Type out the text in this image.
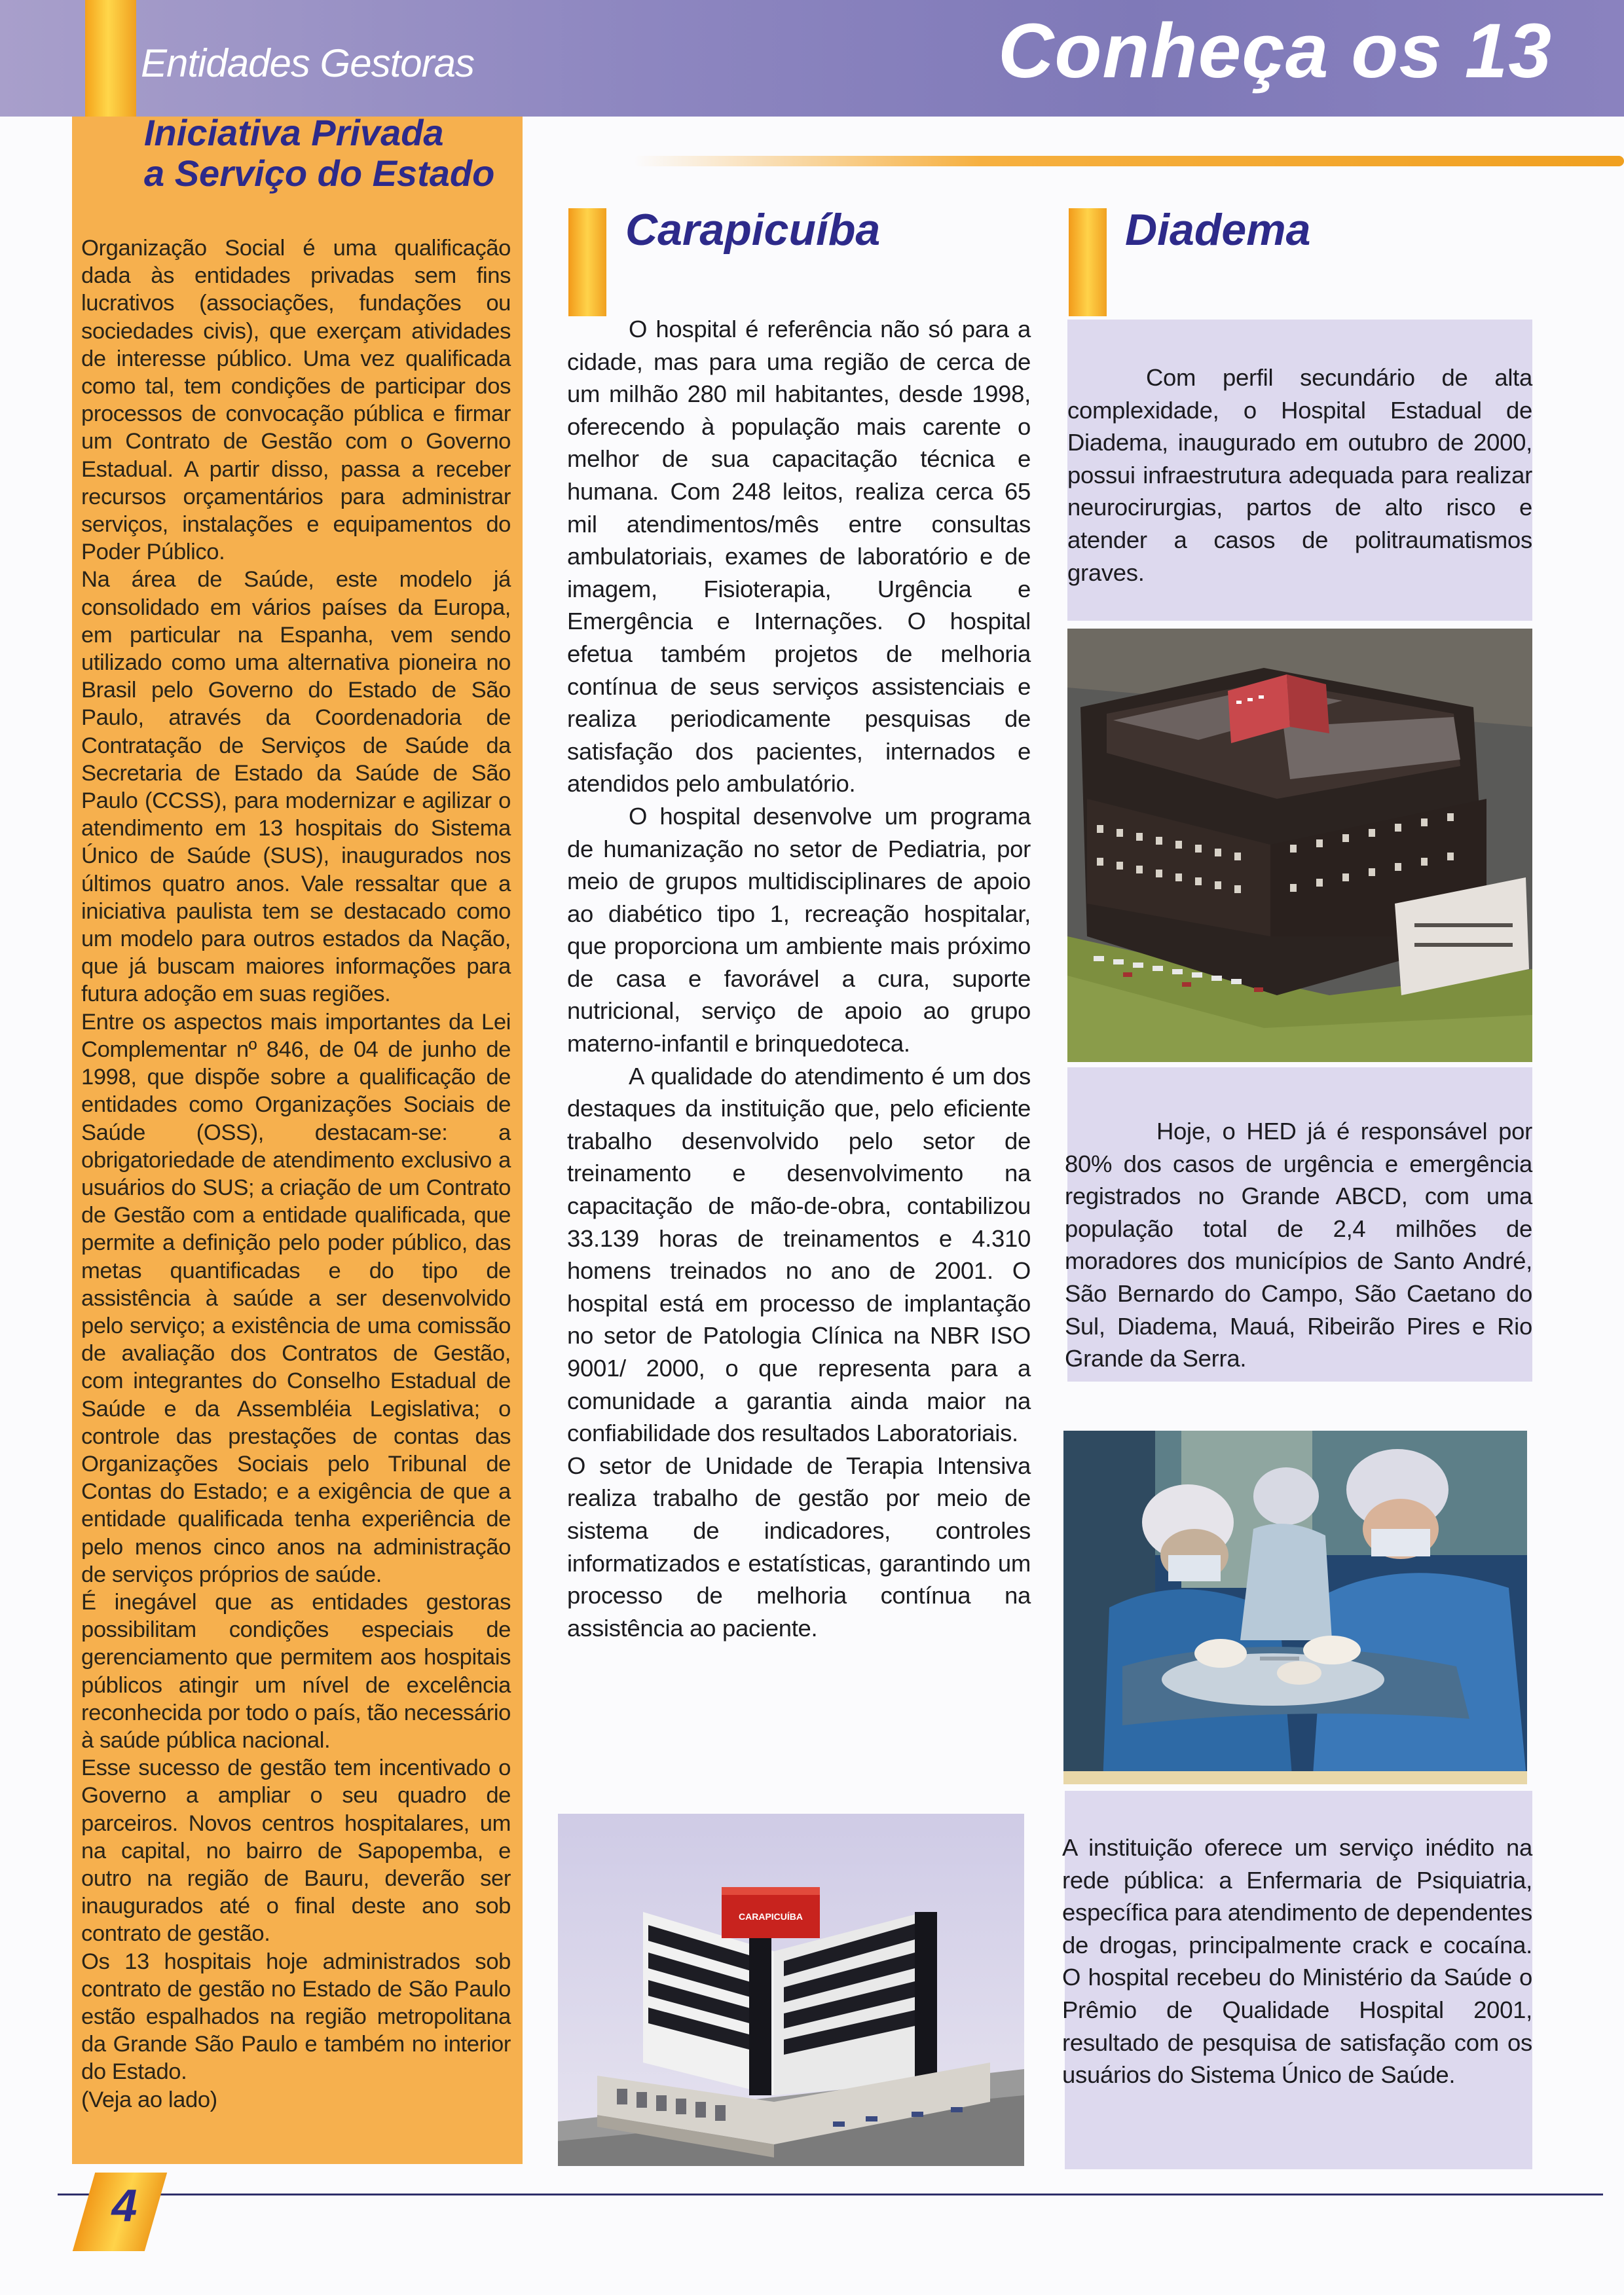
Entidades Gestoras	Conheça os 13
Iniciativa Privada
a Serviço do Estado

Organização Social é uma qualificação dada às entidades privadas sem fins lucrativos (associações, fundações ou sociedades civis), que exerçam atividades de interesse público. Uma vez qualificada como tal, tem condições de participar dos processos de convocação pública e firmar um Contrato de Gestão com o Governo Estadual. A partir disso, passa a receber recursos orçamentários para administrar serviços, instalações e equipamentos do Poder Público.

Na área de Saúde, este modelo já consolidado em vários países da Europa, em particular na Espanha, vem sendo utilizado como uma alternativa pioneira no Brasil pelo Governo do Estado de São Paulo, através da Coordenadoria de Contratação de Serviços de Saúde da Secretaria de Estado da Saúde de São Paulo (CCSS), para modernizar e agilizar o atendimento em 13 hospitais do Sistema Único de Saúde (SUS), inaugurados nos últimos quatro anos. Vale ressaltar que a iniciativa paulista tem se destacado como um modelo para outros estados da Nação, que já buscam maiores informações para futura adoção em suas regiões.

Entre os aspectos mais importantes da Lei Complementar nº 846, de 04 de junho de 1998, que dispõe sobre a qualificação de entidades como Organizações Sociais de Saúde (OSS), destacam-se: a obrigatoriedade de atendimento exclusivo a usuários do SUS; a criação de um Contrato de Gestão com a entidade qualificada, que permite a definição pelo poder público, das metas quantificadas e do tipo de assistência à saúde a ser desenvolvido pelo serviço; a existência de uma comissão de avaliação dos Contratos de Gestão, com integrantes do Conselho Estadual de Saúde e da Assembléia Legislativa; o controle das prestações de contas das Organizações Sociais pelo Tribunal de Contas do Estado; e a exigência de que a entidade qualificada tenha experiência de pelo menos cinco anos na administração de serviços próprios de saúde.

É inegável que as entidades gestoras possibilitam condições especiais de gerenciamento que permitem aos hospitais públicos atingir um nível de excelência reconhecida por todo o país, tão necessário à saúde pública nacional.

Esse sucesso de gestão tem incentivado o Governo a ampliar o seu quadro de parceiros. Novos centros hospitalares, um na capital, no bairro de Sapopemba, e outro na região de Bauru, deverão ser inaugurados até o final deste ano sob contrato de gestão.

Os 13 hospitais hoje administrados sob contrato de gestão no Estado de São Paulo estão espalhados na região metropolitana da Grande São Paulo e também no interior do Estado.

(Veja ao lado)

Carapicuíba

O hospital é referência não só para a cidade, mas para uma região de cerca de um milhão 280 mil habitantes, desde 1998, oferecendo à população mais carente o melhor de sua capacitação técnica e humana. Com 248 leitos, realiza cerca 65 mil atendimentos/mês entre consultas ambulatoriais, exames de laboratório e de imagem, Fisioterapia, Urgência e Emergência e Internações. O hospital efetua também projetos de melhoria contínua de seus serviços assistenciais e realiza periodicamente pesquisas de satisfação dos pacientes, internados e atendidos pelo ambulatório.

O hospital desenvolve um programa de humanização no setor de Pediatria, por meio de grupos multidisciplinares de apoio ao diabético tipo 1, recreação hospitalar, que proporciona um ambiente mais próximo de casa e favorável a cura, suporte nutricional, serviço de apoio ao grupo materno-infantil e brinquedoteca.

A qualidade do atendimento é um dos destaques da instituição que, pelo eficiente trabalho desenvolvido pelo setor de treinamento e desenvolvimento na capacitação de mão-de-obra, contabilizou 33.139 horas de treinamentos e 4.310 homens treinados no ano de 2001. O hospital está em processo de implantação no setor de Patologia Clínica na NBR ISO 9001/ 2000, o que representa para a comunidade a garantia ainda maior na confiabilidade dos resultados Laboratoriais.

O setor de Unidade de Terapia Intensiva realiza trabalho de gestão por meio de sistema de indicadores, controles informatizados e estatísticas, garantindo um processo de melhoria contínua na assistência ao paciente.

CARAPICUÍBA
Diadema

Com perfil secundário de alta complexidade, o Hospital Estadual de Diadema, inaugurado em outubro de 2000, possui infraestrutura adequada para realizar neurocirurgias, partos de alto risco e atender a casos de politraumatismos graves.

Hoje, o HED já é responsável por 80% dos casos de urgência e emergência registrados no Grande ABCD, com uma população total de 2,4 milhões de moradores dos municípios de Santo André, São Bernardo do Campo, São Caetano do Sul, Diadema, Mauá, Ribeirão Pires e Rio Grande da Serra.

A instituição oferece um serviço inédito na rede pública: a Enfermaria de Psiquiatria, específica para atendimento de dependentes de drogas, principalmente crack e cocaína. O hospital recebeu do Ministério da Saúde o Prêmio de Qualidade Hospital 2001, resultado de pesquisa de satisfação com os usuários do Sistema Único de Saúde.

4
